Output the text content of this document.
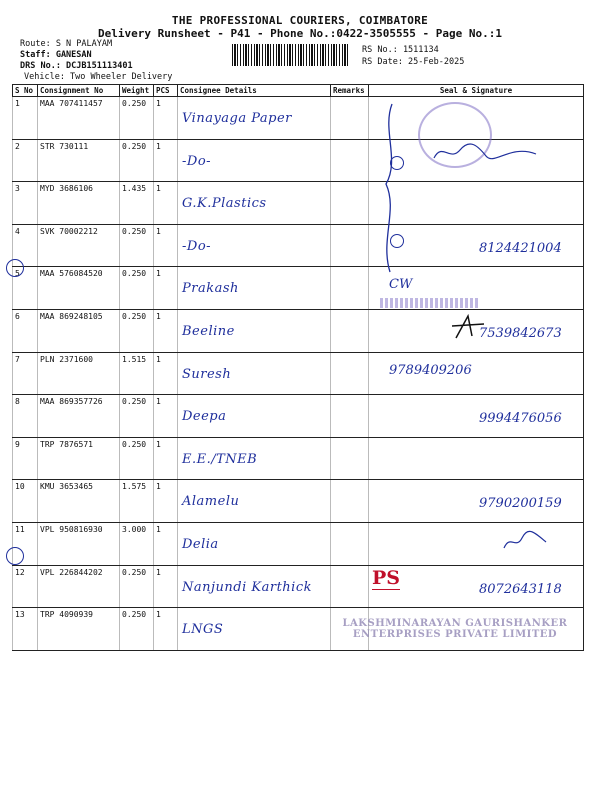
THE PROFESSIONAL COURIERS, COIMBATORE
Delivery Runsheet - P41 - Phone No.:0422-3505555 - Page No.:1
Route: S N PALAYAM
Staff: GANESAN
DRS No.: DCJB151113401
Vehicle: Two Wheeler Delivery
RS No.: 1511134
RS Date: 25-Feb-2025
S No	Consignment No	Weight	PCS	Consignee Details	Remarks	Seal & Signature
1	MAA 707411457	0.250	1	Vinayaga Paper		

2	STR 730111	0.250	1	-Do-		

3	MYD 3686106	1.435	1	G.K.Plastics		

4	SVK 70002212	0.250	1	-Do-		8124421004

5	MAA 576084520	0.250	1	Prakash		CW

6	MAA 869248105	0.250	1	Beeline		7539842673

7	PLN 2371600	1.515	1	Suresh		9789409206

8	MAA 869357726	0.250	1	Deepa		9994476056

9	TRP 7876571	0.250	1	E.E./TNEB		

10	KMU 3653465	1.575	1	Alamelu		9790200159

11	VPL 950816930	3.000	1	Delia		

12	VPL 226844202	0.250	1	Nanjundi Karthick		8072643118

13	TRP 4090939	0.250	1	LNGS		

PS
LAKSHMINARAYAN GAURISHANKER ENTERPRISES PRIVATE LIMITED
